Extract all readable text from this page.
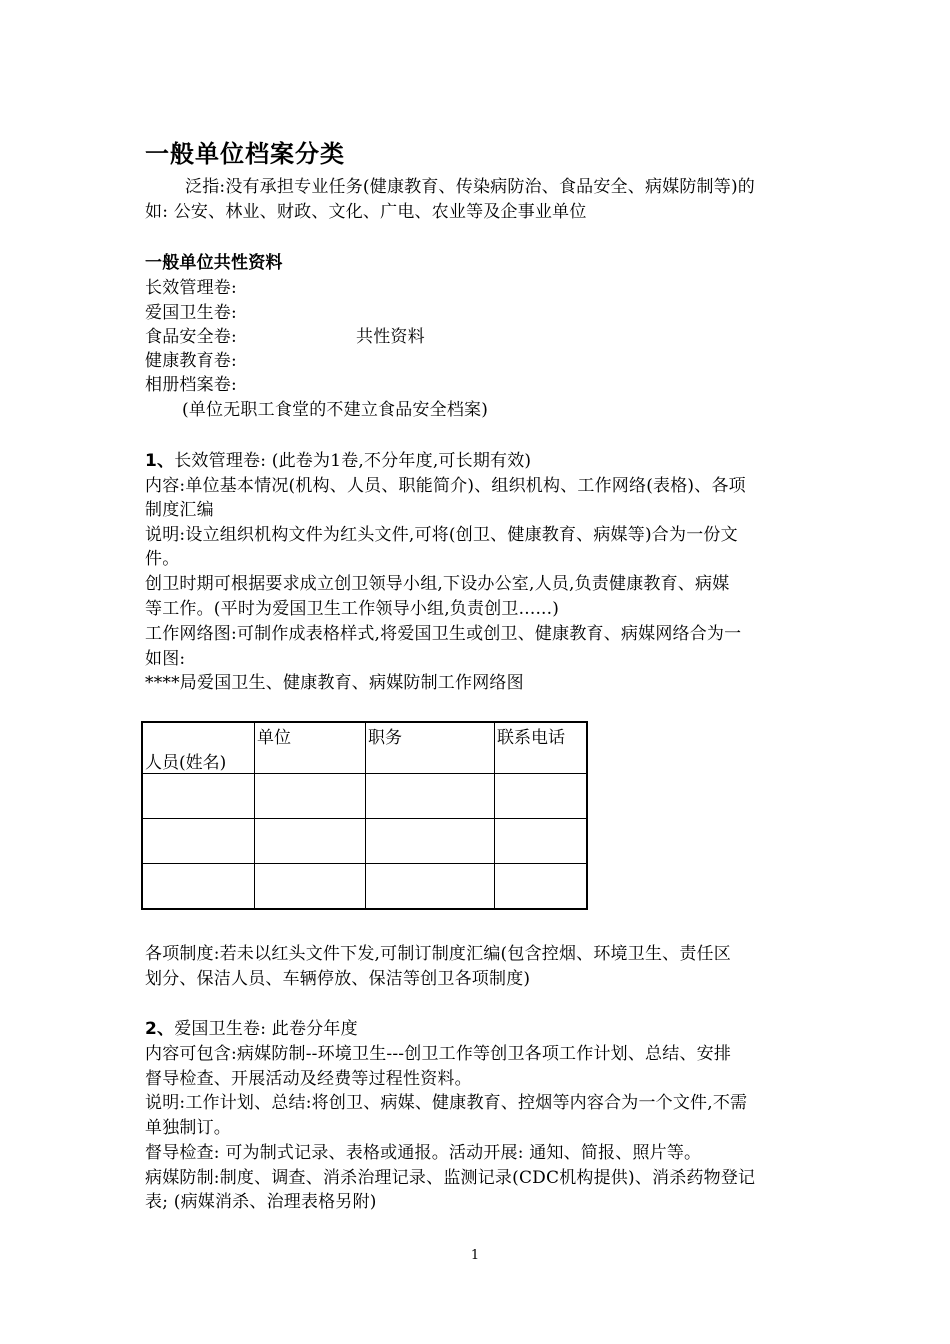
一般单位档案分类
泛指:没有承担专业任务(健康教育、传染病防治、食品安全、病媒防制等)的
如: 公安、林业、财政、文化、广电、农业等及企事业单位
一般单位共性资料
长效管理卷:
爱国卫生卷:
食品安全卷:	共性资料
健康教育卷:
相册档案卷:
(单位无职工食堂的不建立食品安全档案)
1、长效管理卷: (此卷为1卷,不分年度,可长期有效)
内容:单位基本情况(机构、人员、职能简介)、组织机构、工作网络(表格)、各项
制度汇编
说明:设立组织机构文件为红头文件,可将(创卫、健康教育、病媒等)合为一份文
件。
创卫时期可根据要求成立创卫领导小组,下设办公室,人员,负责健康教育、病媒
等工作。(平时为爱国卫生工作领导小组,负责创卫......)
工作网络图:可制作成表格样式,将爱国卫生或创卫、健康教育、病媒网络合为一
如图:
****局爱国卫生、健康教育、病媒防制工作网络图
人员(姓名)	单位	职务	联系电话

各项制度:若未以红头文件下发,可制订制度汇编(包含控烟、环境卫生、责任区
划分、保洁人员、车辆停放、保洁等创卫各项制度)
2、爱国卫生卷: 此卷分年度
内容可包含:病媒防制--环境卫生---创卫工作等创卫各项工作计划、总结、安排
督导检查、开展活动及经费等过程性资料。
说明:工作计划、总结:将创卫、病媒、健康教育、控烟等内容合为一个文件,不需
单独制订。
督导检查: 可为制式记录、表格或通报。活动开展: 通知、简报、照片等。
病媒防制:制度、调查、消杀治理记录、监测记录(CDC机构提供)、消杀药物登记
表; (病媒消杀、治理表格另附)
1
